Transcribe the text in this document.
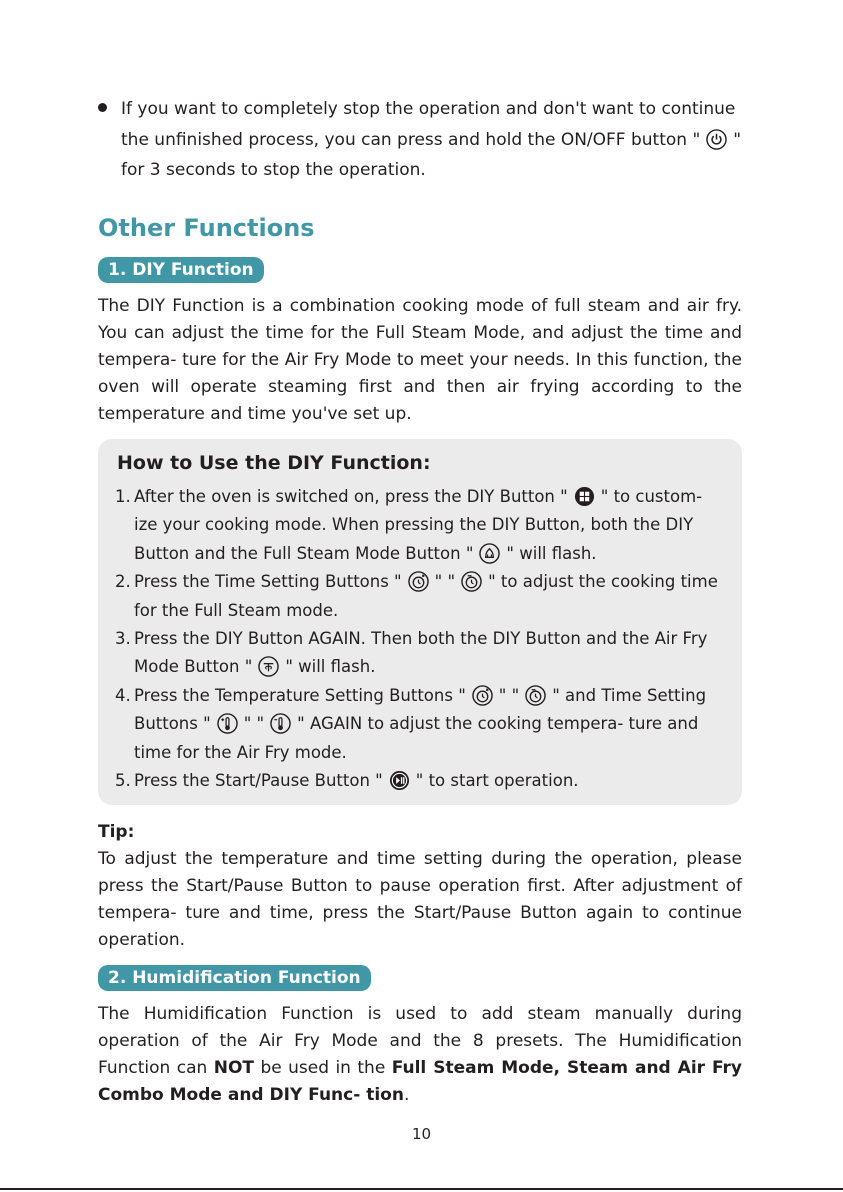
If you want to completely stop the operation and don't want to continue
the unfinished process, you can press and hold the ON/OFF button " "
for 3 seconds to stop the operation.
Other Functions
1. DIY Function
The DIY Function is a combination cooking mode of full steam and air fry. You can adjust the time for the Full Steam Mode, and adjust the time and tempera- ture for the Air Fry Mode to meet your needs. In this function, the oven will operate steaming first and then air frying according to the temperature and time you've set up.
How to Use the DIY Function:
1. After the oven is switched on, press the DIY Button " " to custom- ize your cooking mode. When pressing the DIY Button, both the DIY Button and the Full Steam Mode Button " " will flash.
2. Press the Time Setting Buttons " " " " to adjust the cooking time for the Full Steam mode.
3. Press the DIY Button AGAIN. Then both the DIY Button and the Air Fry Mode Button " " will flash.
4. Press the Temperature Setting Buttons " " " " and Time Setting Buttons " " " " AGAIN to adjust the cooking tempera- ture and time for the Air Fry mode.
5. Press the Start/Pause Button " " to start operation.
Tip:
To adjust the temperature and time setting during the operation, please press the Start/Pause Button to pause operation first. After adjustment of tempera- ture and time, press the Start/Pause Button again to continue operation.
2. Humidification Function
The Humidification Function is used to add steam manually during operation of the Air Fry Mode and the 8 presets. The Humidification Function can NOT be used in the Full Steam Mode, Steam and Air Fry Combo Mode and DIY Func- tion.
10
